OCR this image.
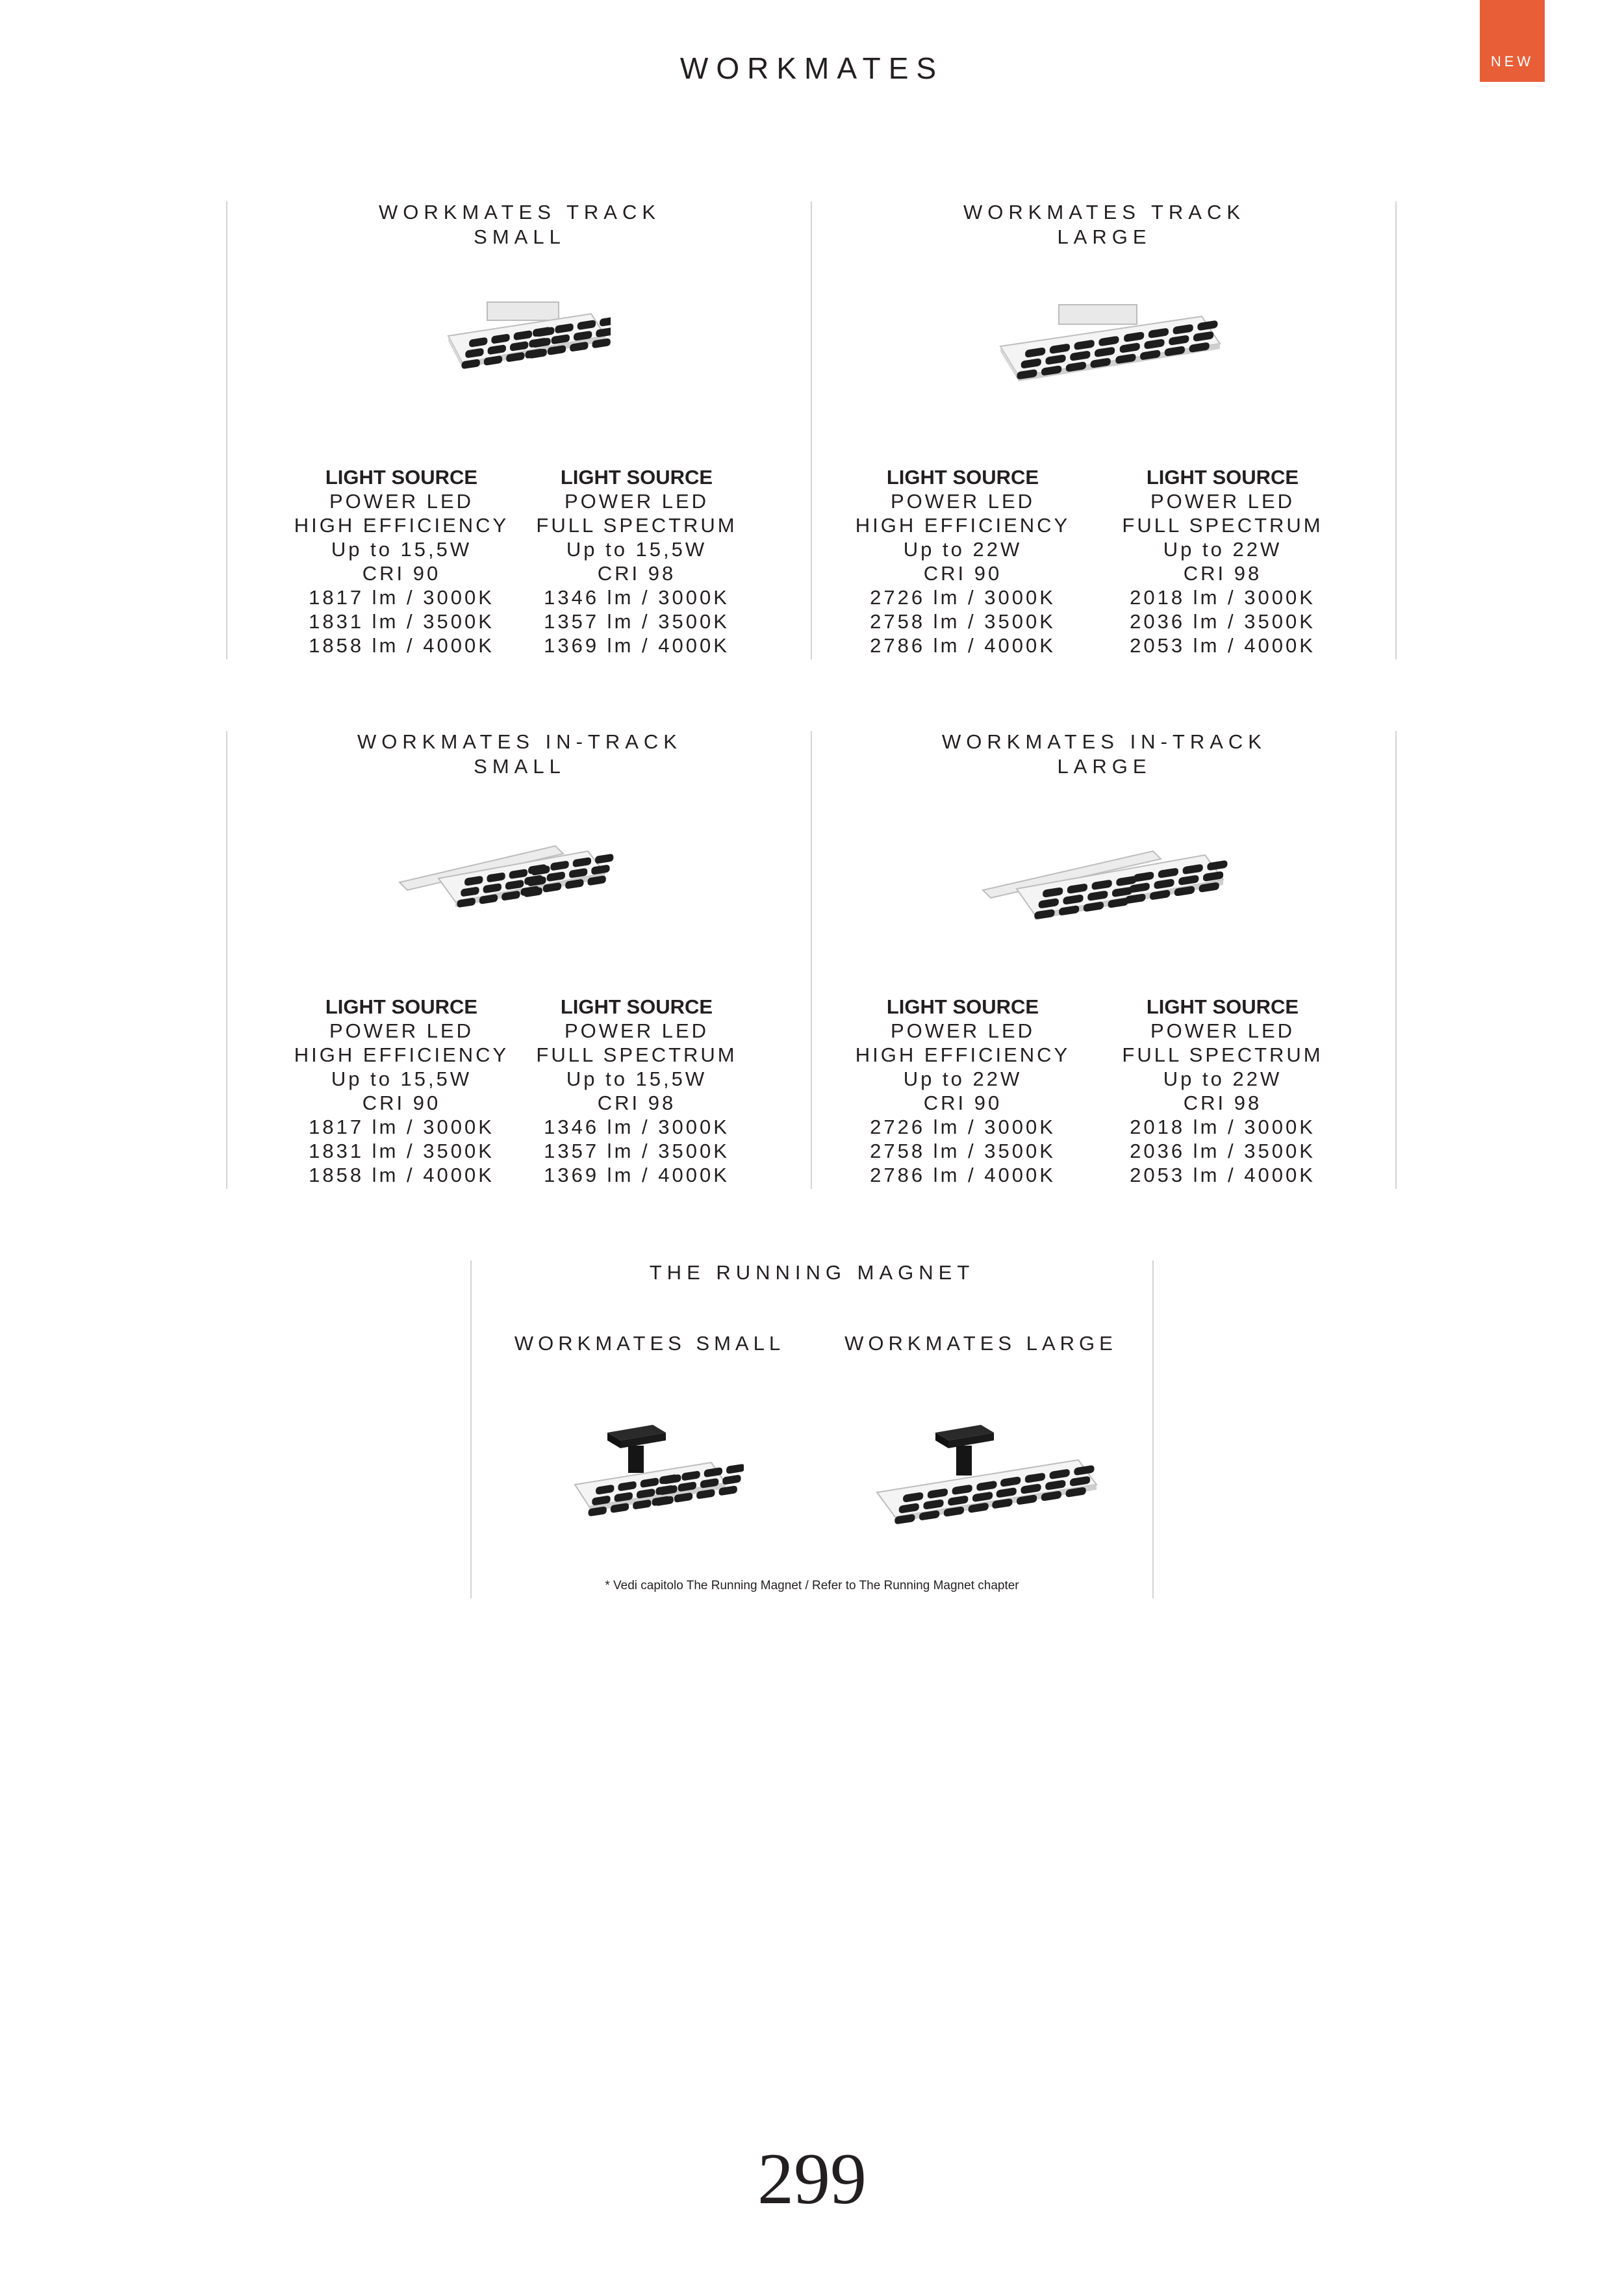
NEW
WORKMATES
WORKMATES TRACK
SMALL
LIGHT SOURCE
POWER LED
HIGH EFFICIENCY
Up to 15,5W
CRI 90
1817 lm / 3000K
1831 lm / 3500K
1858 lm / 4000K
LIGHT SOURCE
POWER LED
FULL SPECTRUM
Up to 15,5W
CRI 98
1346 lm / 3000K
1357 lm / 3500K
1369 lm / 4000K
WORKMATES TRACK
LARGE
LIGHT SOURCE
POWER LED
HIGH EFFICIENCY
Up to 22W
CRI 90
2726 lm / 3000K
2758 lm / 3500K
2786 lm / 4000K
LIGHT SOURCE
POWER LED
FULL SPECTRUM
Up to 22W
CRI 98
2018 lm / 3000K
2036 lm / 3500K
2053 lm / 4000K
WORKMATES IN-TRACK
SMALL
LIGHT SOURCE
POWER LED
HIGH EFFICIENCY
Up to 15,5W
CRI 90
1817 lm / 3000K
1831 lm / 3500K
1858 lm / 4000K
LIGHT SOURCE
POWER LED
FULL SPECTRUM
Up to 15,5W
CRI 98
1346 lm / 3000K
1357 lm / 3500K
1369 lm / 4000K
WORKMATES IN-TRACK
LARGE
LIGHT SOURCE
POWER LED
HIGH EFFICIENCY
Up to 22W
CRI 90
2726 lm / 3000K
2758 lm / 3500K
2786 lm / 4000K
LIGHT SOURCE
POWER LED
FULL SPECTRUM
Up to 22W
CRI 98
2018 lm / 3000K
2036 lm / 3500K
2053 lm / 4000K
THE RUNNING MAGNET
WORKMATES SMALL	WORKMATES LARGE
* Vedi capitolo The Running Magnet / Refer to The Running Magnet chapter
299
